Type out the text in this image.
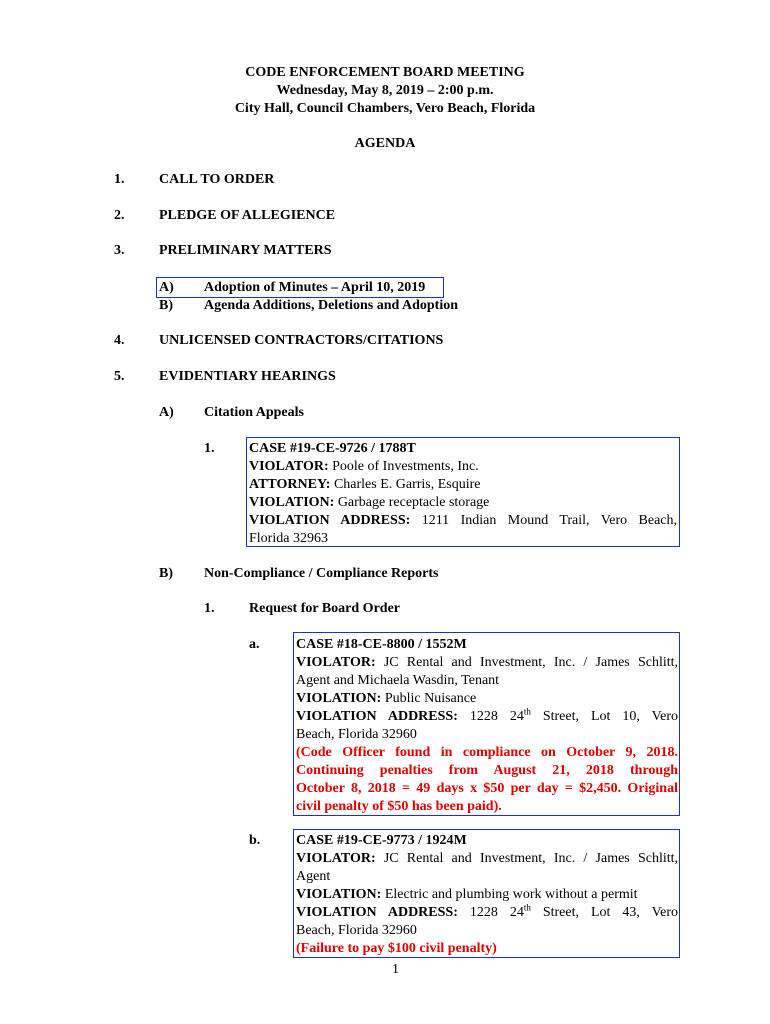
CODE ENFORCEMENT BOARD MEETING
Wednesday, May 8, 2019 – 2:00 p.m.
City Hall, Council Chambers, Vero Beach, Florida
AGENDA
1. CALL TO ORDER
2. PLEDGE OF ALLEGIENCE
3. PRELIMINARY MATTERS
A) Adoption of Minutes – April 10, 2019
B) Agenda Additions, Deletions and Adoption
4. UNLICENSED CONTRACTORS/CITATIONS
5. EVIDENTIARY HEARINGS
A) Citation Appeals
1. CASE #19-CE-9726 / 1788T
VIOLATOR: Poole of Investments, Inc.
ATTORNEY: Charles E. Garris, Esquire
VIOLATION: Garbage receptacle storage
VIOLATION ADDRESS: 1211 Indian Mound Trail, Vero Beach,
Florida 32963
B) Non-Compliance / Compliance Reports
1. Request for Board Order
a.	CASE #18-CE-8800 / 1552M
VIOLATOR: JC Rental and Investment, Inc. / James Schlitt,
Agent and Michaela Wasdin, Tenant
VIOLATION: Public Nuisance
VIOLATION ADDRESS: 1228 24th Street, Lot 10, Vero
Beach, Florida 32960
(Code Officer found in compliance on October 9, 2018.
Continuing penalties from August 21, 2018 through
October 8, 2018 = 49 days x $50 per day = $2,450. Original
civil penalty of $50 has been paid).
b.	CASE #19-CE-9773 / 1924M
VIOLATOR: JC Rental and Investment, Inc. / James Schlitt,
Agent
VIOLATION: Electric and plumbing work without a permit
VIOLATION ADDRESS: 1228 24th Street, Lot 43, Vero
Beach, Florida 32960
(Failure to pay $100 civil penalty)
1
